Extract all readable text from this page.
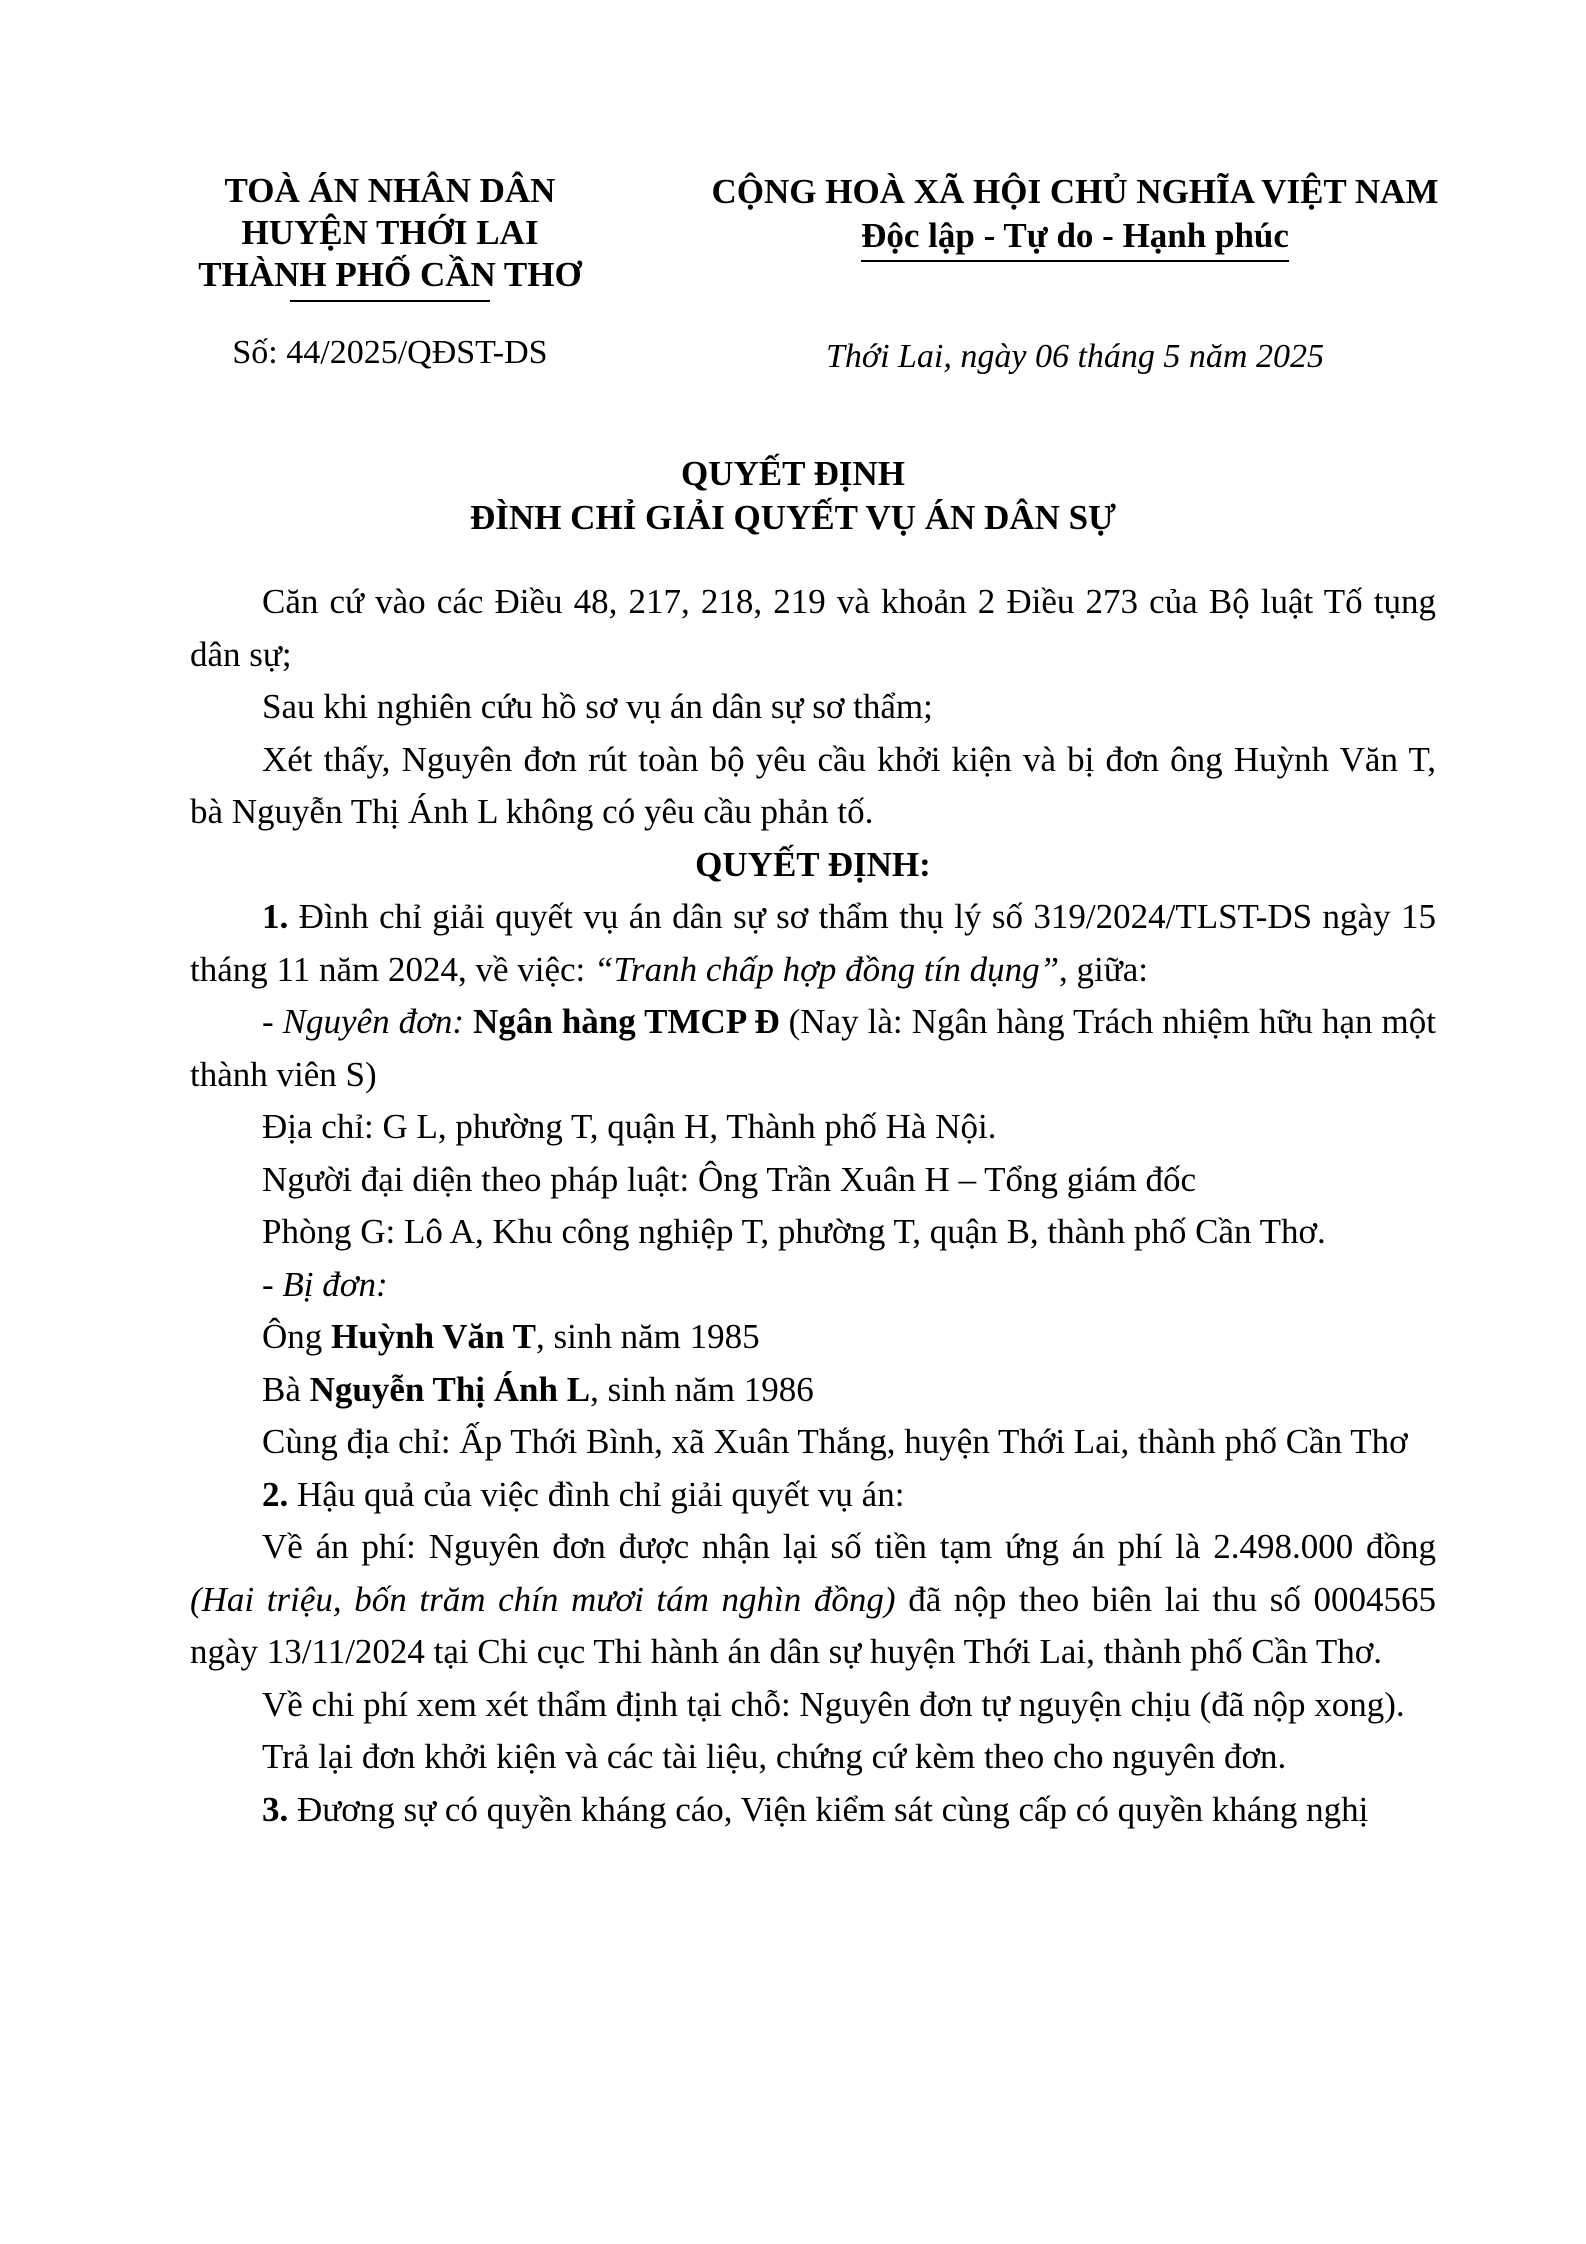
TOÀ ÁN NHÂN DÂN
HUYỆN THỚI LAI
THÀNH PHỐ CẦN THƠ
CỘNG HOÀ XÃ HỘI CHỦ NGHĨA VIỆT NAM
Độc lập - Tự do - Hạnh phúc
Số: 44/2025/QĐST-DS	Thới Lai, ngày 06 tháng 5 năm 2025
QUYẾT ĐỊNH
ĐÌNH CHỈ GIẢI QUYẾT VỤ ÁN DÂN SỰ

Căn cứ vào các Điều 48, 217, 218, 219 và khoản 2 Điều 273 của Bộ luật Tố tụng dân sự;

Sau khi nghiên cứu hồ sơ vụ án dân sự sơ thẩm;

Xét thấy, Nguyên đơn rút toàn bộ yêu cầu khởi kiện và bị đơn ông Huỳnh Văn T, bà Nguyễn Thị Ánh L không có yêu cầu phản tố.

QUYẾT ĐỊNH:

1. Đình chỉ giải quyết vụ án dân sự sơ thẩm thụ lý số 319/2024/TLST-DS ngày 15 tháng 11 năm 2024, về việc: “Tranh chấp hợp đồng tín dụng”, giữa:

- Nguyên đơn: Ngân hàng TMCP Đ (Nay là: Ngân hàng Trách nhiệm hữu hạn một thành viên S)

Địa chỉ: G L, phường T, quận H, Thành phố Hà Nội.

Người đại diện theo pháp luật: Ông Trần Xuân H – Tổng giám đốc

Phòng G: Lô A, Khu công nghiệp T, phường T, quận B, thành phố Cần Thơ.

- Bị đơn:

Ông Huỳnh Văn T, sinh năm 1985

Bà Nguyễn Thị Ánh L, sinh năm 1986

Cùng địa chỉ: Ấp Thới Bình, xã Xuân Thắng, huyện Thới Lai, thành phố Cần Thơ

2. Hậu quả của việc đình chỉ giải quyết vụ án:

Về án phí: Nguyên đơn được nhận lại số tiền tạm ứng án phí là 2.498.000 đồng (Hai triệu, bốn trăm chín mươi tám nghìn đồng) đã nộp theo biên lai thu số 0004565 ngày 13/11/2024 tại Chi cục Thi hành án dân sự huyện Thới Lai, thành phố Cần Thơ.

Về chi phí xem xét thẩm định tại chỗ: Nguyên đơn tự nguyện chịu (đã nộp xong).

Trả lại đơn khởi kiện và các tài liệu, chứng cứ kèm theo cho nguyên đơn.

3. Đương sự có quyền kháng cáo, Viện kiểm sát cùng cấp có quyền kháng nghị
